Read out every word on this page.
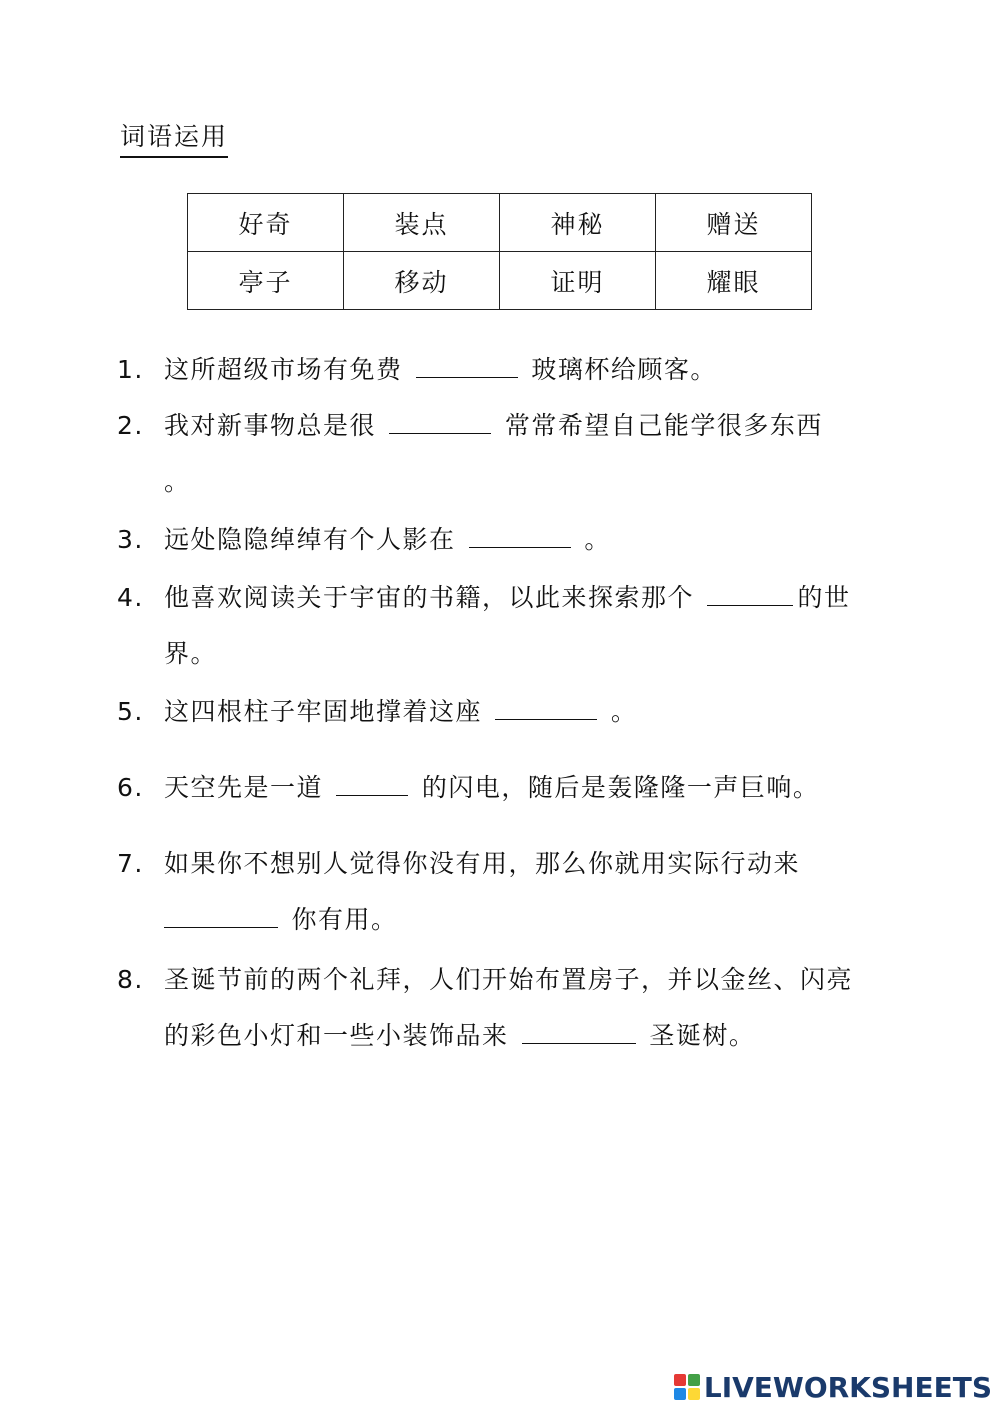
词语运用
好奇	装点	神秘	赠送
亭子	移动	证明	耀眼
1. 这所超级市场有免费	玻璃杯给顾客。
2. 我对新事物总是很	常常希望自己能学很多东西 。
3. 远处隐隐绰绰有个人影在	。
4. 他喜欢阅读关于宇宙的书籍，以此来探索那个	的世界。
5. 这四根柱子牢固地撑着这座	。
6. 天空先是一道	的闪电，随后是轰隆隆一声巨响。
7. 如果你不想别人觉得你没有用，那么你就用实际行动来 你有用。
8. 圣诞节前的两个礼拜，人们开始布置房子，并以金丝、闪亮的彩色小灯和一些小装饰品来	圣诞树。
LIVEWORKSHEETS
